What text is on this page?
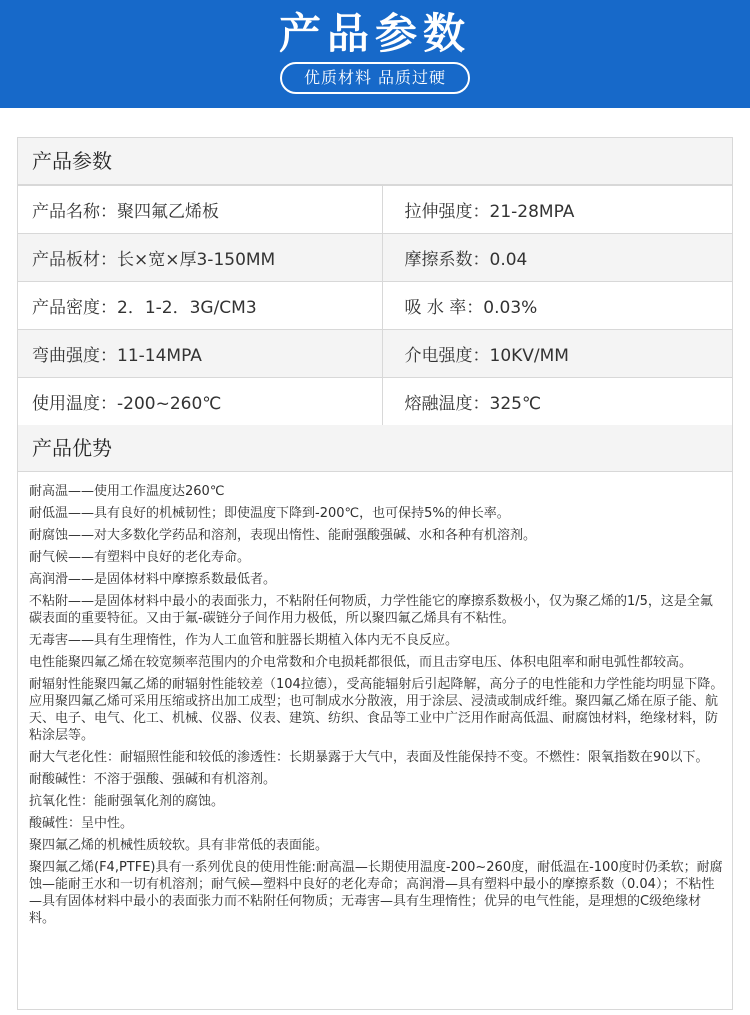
产品参数
优质材料 品质过硬
产品参数
产品名称：聚四氟乙烯板	拉伸强度：21-28MPA
产品板材：长×宽×厚3-150MM	摩擦系数：0.04
产品密度：2．1-2．3G/CM3	吸 水 率：0.03%
弯曲强度：11-14MPA	介电强度：10KV/MM
使用温度：-200~260℃	熔融温度：325℃
产品优势

耐高温——使用工作温度达260℃

耐低温——具有良好的机械韧性；即使温度下降到-200℃，也可保持5%的伸长率。

耐腐蚀——对大多数化学药品和溶剂，表现出惰性、能耐强酸强碱、水和各种有机溶剂。

耐气候——有塑料中良好的老化寿命。

高润滑——是固体材料中摩擦系数最低者。

不粘附——是固体材料中最小的表面张力，不粘附任何物质，力学性能它的摩擦系数极小，仅为聚乙烯的1/5，这是全氟碳表面的重要特征。又由于氟-碳链分子间作用力极低，所以聚四氟乙烯具有不粘性。

无毒害——具有生理惰性，作为人工血管和脏器长期植入体内无不良反应。

电性能聚四氟乙烯在较宽频率范围内的介电常数和介电损耗都很低，而且击穿电压、体积电阻率和耐电弧性都较高。

耐辐射性能聚四氟乙烯的耐辐射性能较差（104拉德），受高能辐射后引起降解，高分子的电性能和力学性能均明显下降。应用聚四氟乙烯可采用压缩或挤出加工成型；也可制成水分散液，用于涂层、浸渍或制成纤维。聚四氟乙烯在原子能、航天、电子、电气、化工、机械、仪器、仪表、建筑、纺织、食品等工业中广泛用作耐高低温、耐腐蚀材料，绝缘材料，防粘涂层等。

耐大气老化性：耐辐照性能和较低的渗透性：长期暴露于大气中，表面及性能保持不变。不燃性：限氧指数在90以下。

耐酸碱性：不溶于强酸、强碱和有机溶剂。

抗氧化性：能耐强氧化剂的腐蚀。

酸碱性：呈中性。

聚四氟乙烯的机械性质较软。具有非常低的表面能。

聚四氟乙烯(F4,PTFE)具有一系列优良的使用性能:耐高温—长期使用温度-200~260度，耐低温在-100度时仍柔软；耐腐蚀—能耐王水和一切有机溶剂；耐气候—塑料中良好的老化寿命；高润滑—具有塑料中最小的摩擦系数（0.04）；不粘性—具有固体材料中最小的表面张力而不粘附任何物质；无毒害—具有生理惰性；优异的电气性能，是理想的C级绝缘材料。
